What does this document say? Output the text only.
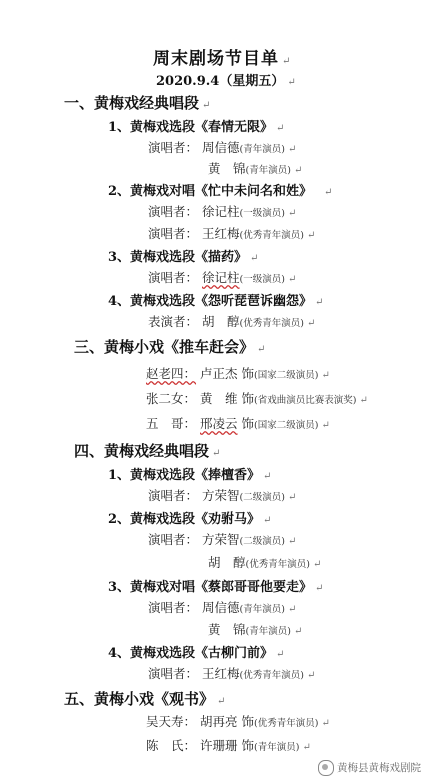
周末剧场节目单 ↵
2020.9.4（星期五） ↵
一、黄梅戏经典唱段 ↵
1、黄梅戏选段《春情无限》 ↵
演唱者： 周信德(青年演员) ↵
黄　锦(青年演员) ↵
2、黄梅戏对唱《忙中未问名和姓》 ↵
演唱者： 徐记柱(一级演员) ↵
演唱者： 王红梅(优秀青年演员) ↵
3、黄梅戏选段《描药》 ↵
演唱者： 徐记柱(一级演员) ↵
4、黄梅戏选段《怨听琵琶诉幽怨》 ↵
表演者： 胡　醇(优秀青年演员) ↵
三、黄梅小戏《推车赶会》 ↵
赵老四： 卢正杰 饰(国家二级演员) ↵
张二女： 黄　维 饰(省戏曲演员比赛表演奖) ↵
五　哥： 邢凌云 饰(国家二级演员) ↵
四、黄梅戏经典唱段 ↵
1、黄梅戏选段《捧檀香》 ↵
演唱者： 方荣智(二级演员) ↵
2、黄梅戏选段《劝驸马》 ↵
演唱者： 方荣智(二级演员) ↵
胡　醇(优秀青年演员) ↵
3、黄梅戏对唱《蔡郎哥哥他要走》 ↵
演唱者： 周信德(青年演员) ↵
黄　锦(青年演员) ↵
4、黄梅戏选段《古柳门前》 ↵
演唱者： 王红梅(优秀青年演员) ↵
五、黄梅小戏《观书》 ↵
吴天寿： 胡再亮 饰(优秀青年演员) ↵
陈　氏： 许珊珊 饰(青年演员) ↵
黄梅县黄梅戏剧院
